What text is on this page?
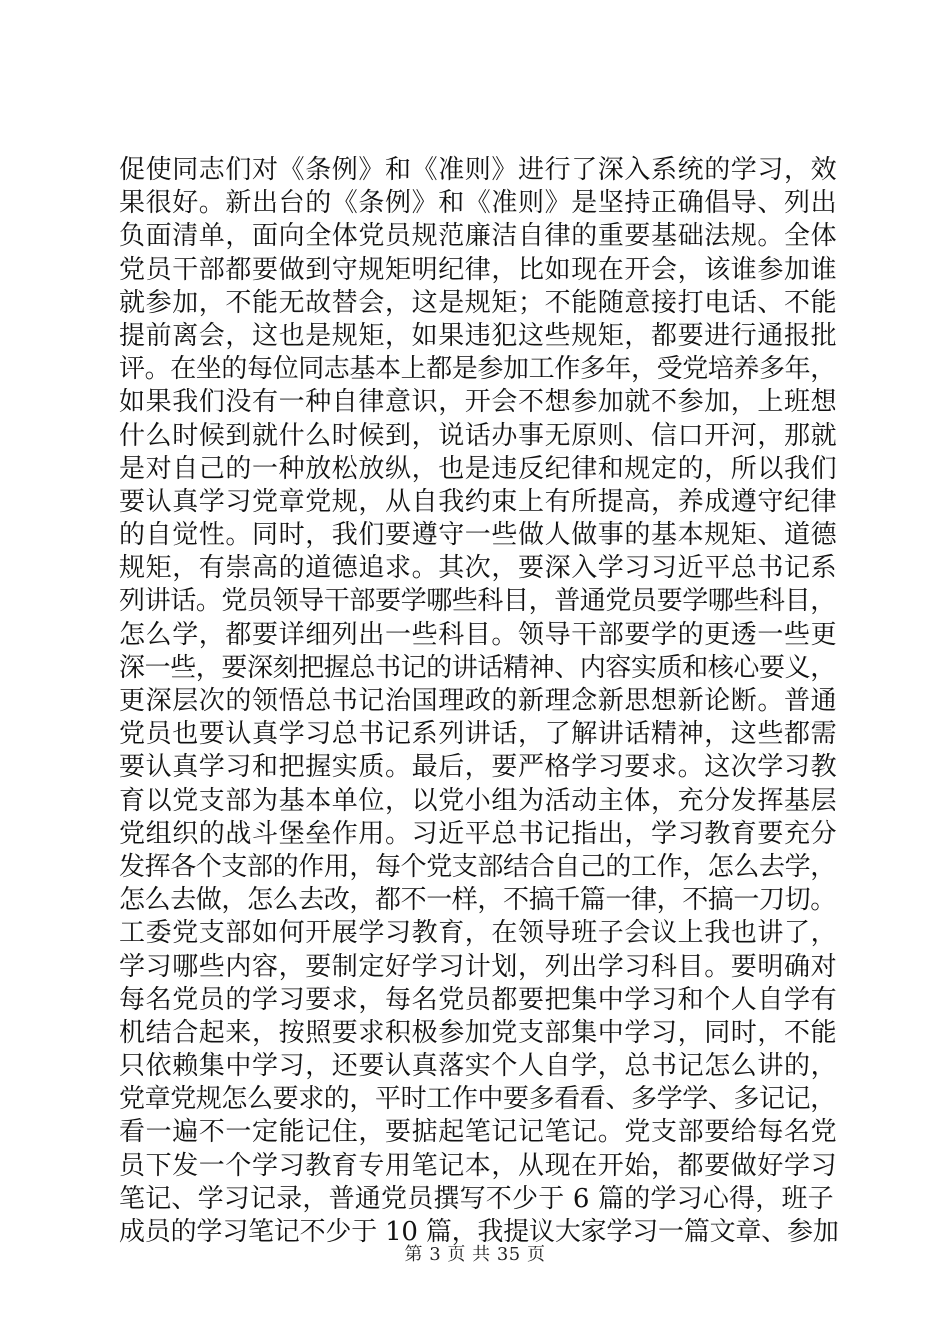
促使同志们对《条例》和《准则》进行了深入系统的学习，效
果很好。新出台的《条例》和《准则》是坚持正确倡导、列出
负面清单，面向全体党员规范廉洁自律的重要基础法规。全体
党员干部都要做到守规矩明纪律，比如现在开会，该谁参加谁
就参加，不能无故替会，这是规矩；不能随意接打电话、不能
提前离会，这也是规矩，如果违犯这些规矩，都要进行通报批
评。在坐的每位同志基本上都是参加工作多年，受党培养多年，
如果我们没有一种自律意识，开会不想参加就不参加，上班想
什么时候到就什么时候到，说话办事无原则、信口开河，那就
是对自己的一种放松放纵，也是违反纪律和规定的，所以我们
要认真学习党章党规，从自我约束上有所提高，养成遵守纪律
的自觉性。同时，我们要遵守一些做人做事的基本规矩、道德
规矩，有崇高的道德追求。其次，要深入学习习近平总书记系
列讲话。党员领导干部要学哪些科目，普通党员要学哪些科目，
怎么学，都要详细列出一些科目。领导干部要学的更透一些更
深一些，要深刻把握总书记的讲话精神、内容实质和核心要义，
更深层次的领悟总书记治国理政的新理念新思想新论断。普通
党员也要认真学习总书记系列讲话，了解讲话精神，这些都需
要认真学习和把握实质。最后，要严格学习要求。这次学习教
育以党支部为基本单位，以党小组为活动主体，充分发挥基层
党组织的战斗堡垒作用。习近平总书记指出，学习教育要充分
发挥各个支部的作用，每个党支部结合自己的工作，怎么去学，
怎么去做，怎么去改，都不一样，不搞千篇一律，不搞一刀切。
工委党支部如何开展学习教育，在领导班子会议上我也讲了，
学习哪些内容，要制定好学习计划，列出学习科目。要明确对
每名党员的学习要求，每名党员都要把集中学习和个人自学有
机结合起来，按照要求积极参加党支部集中学习，同时，不能
只依赖集中学习，还要认真落实个人自学，总书记怎么讲的，
党章党规怎么要求的，平时工作中要多看看、多学学、多记记，
看一遍不一定能记住，要掂起笔记记笔记。党支部要给每名党
员下发一个学习教育专用笔记本，从现在开始，都要做好学习
笔记、学习记录，普通党员撰写不少于 6 篇的学习心得，班子
成员的学习笔记不少于 10 篇，我提议大家学习一篇文章、参加
第 3 页 共 35 页
